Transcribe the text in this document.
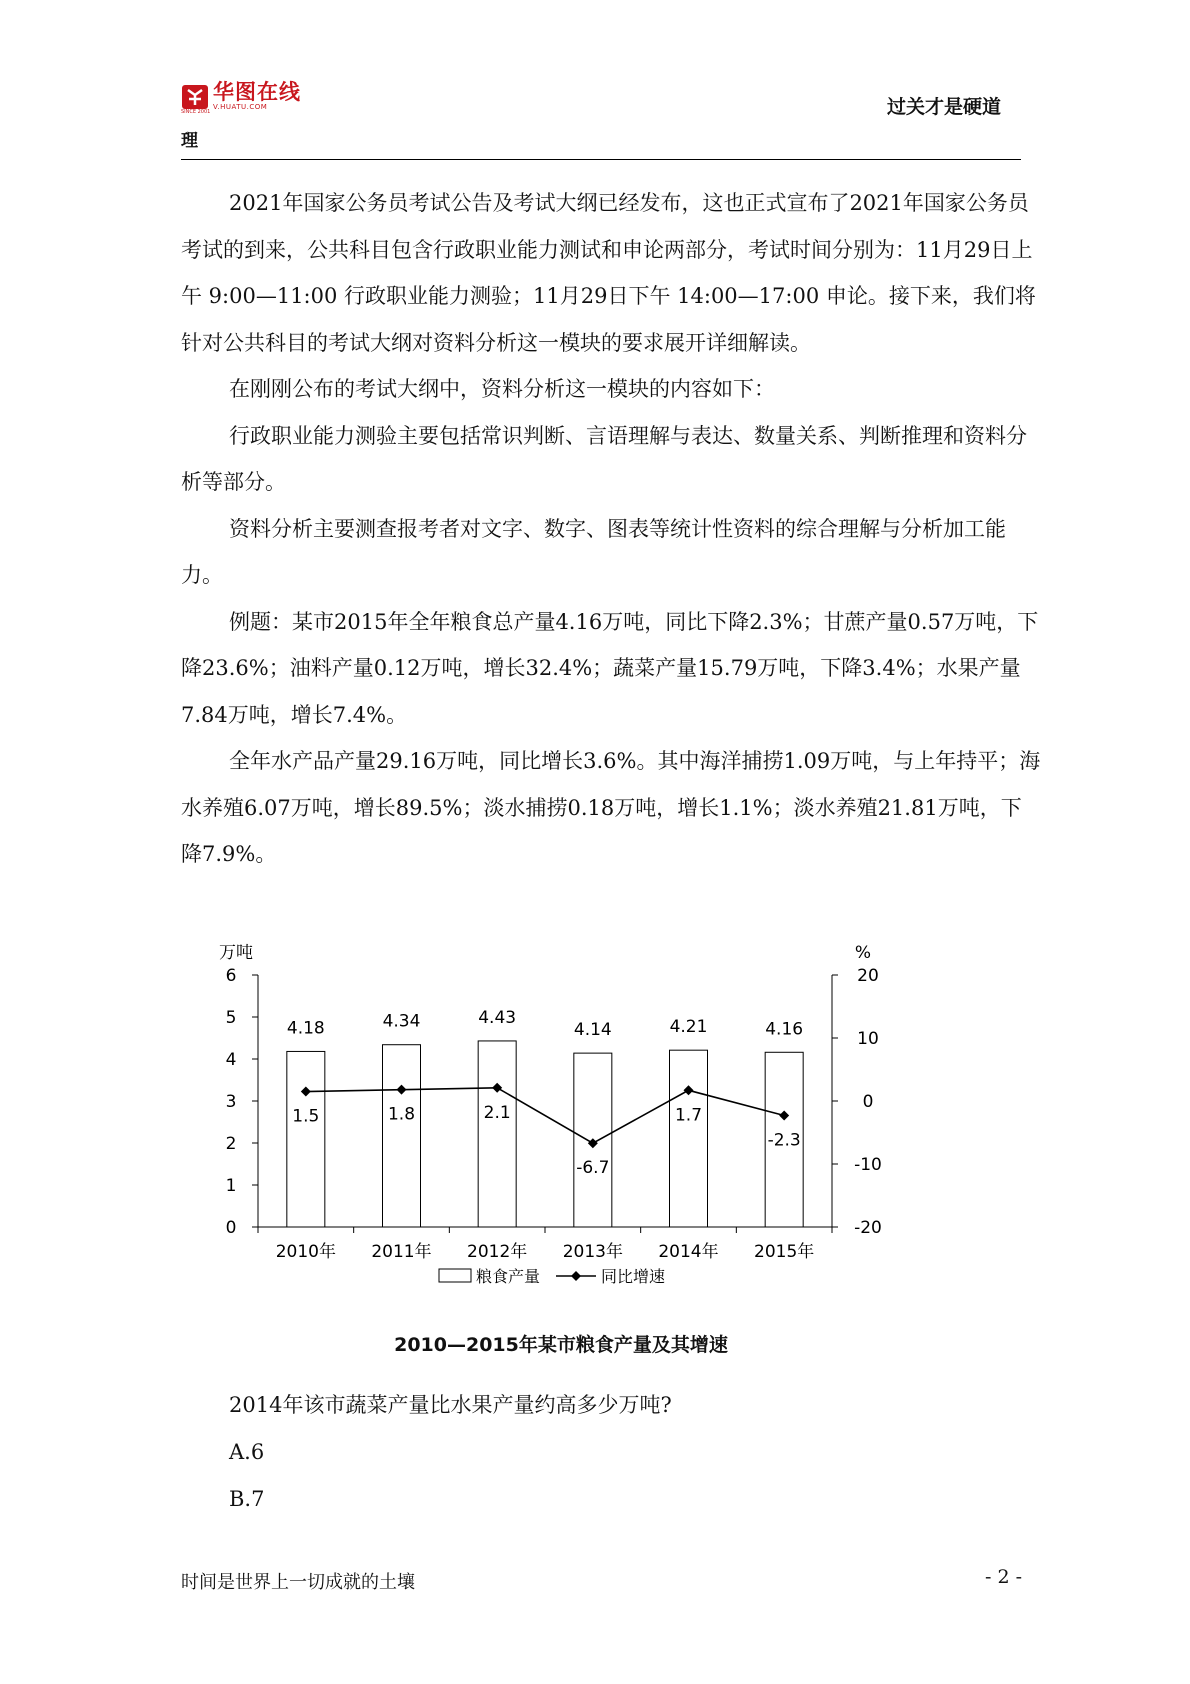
华图在线
V.HUATU.COM
SINCE 2001	过关才是硬道
理

2021年国家公务员考试公告及考试大纲已经发布，这也正式宣布了2021年国家公务员考试的到来，公共科目包含行政职业能力测试和申论两部分，考试时间分别为：11月29日上午 9:00—11:00 行政职业能力测验；11月29日下午 14:00—17:00 申论。接下来，我们将针对公共科目的考试大纲对资料分析这一模块的要求展开详细解读。

在刚刚公布的考试大纲中，资料分析这一模块的内容如下：

行政职业能力测验主要包括常识判断、言语理解与表达、数量关系、判断推理和资料分析等部分。

资料分析主要测查报考者对文字、数字、图表等统计性资料的综合理解与分析加工能力。

例题：某市2015年全年粮食总产量4.16万吨，同比下降2.3%；甘蔗产量0.57万吨，下降23.6%；油料产量0.12万吨，增长32.4%；蔬菜产量15.79万吨，下降3.4%；水果产量7.84万吨，增长7.4%。

全年水产品产量29.16万吨，同比增长3.6%。其中海洋捕捞1.09万吨，与上年持平；海水养殖6.07万吨，增长89.5%；淡水捕捞0.18万吨，增长1.1%；淡水养殖21.81万吨，下降7.9%。

万吨	%
0
1
2
3
4
5
6
-20
-10
0
10
20
4.18	4.34	4.43
4.14	4.21	4.16
1.5	1.8	2.1
-6.7
1.7
-2.3
2010年 2011年 2012年 2013年 2014年 2015年
粮食产量	同比增速
2010—2015年某市粮食产量及其增速

2014年该市蔬菜产量比水果产量约高多少万吨?

A.6

B.7

时间是世界上一切成就的土壤	- 2 -
